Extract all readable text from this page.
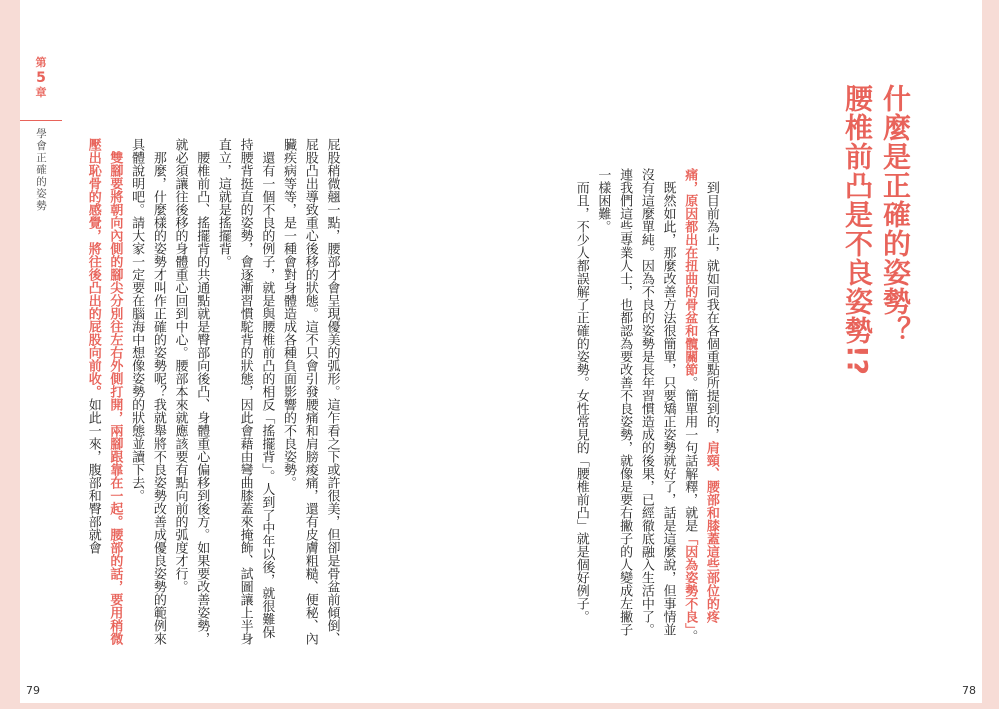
第
5
章
學會正確的姿勢	什麼是正確的姿勢？
腰椎前凸是不良姿勢!?
　到目前為止，就如同我在各個重點所提到的，肩頸、腰部和膝蓋這些部位的疼痛，原因都出在扭曲的骨盆和髖關節。簡單用一句話解釋，就是「因為姿勢不良」。
　既然如此，那麼改善方法很簡單，只要矯正姿勢就好了，話是這麼說，但事情並沒有這麼單純。因為不良的姿勢是長年習慣造成的後果，已經徹底融入生活中了。連我們這些專業人士，也都認為要改善不良姿勢，就像是要右撇子的人變成左撇子一樣困難。
　而且，不少人都誤解了正確的姿勢。女性常見的「腰椎前凸」就是個好例子。
屁股稍微翹一點，腰部才會呈現優美的弧形。這乍看之下或許很美，但卻是骨盆前傾倒、屁股凸出導致重心後移的狀態。這不只會引發腰痛和肩膀痠痛，還有皮膚粗糙、便秘、內臟疾病等等，是一種會對身體造成各種負面影響的不良姿勢。
　還有一個不良的例子，就是與腰椎前凸的相反「搖擺背」。人到了中年以後，就很難保持腰背挺直的姿勢，會逐漸習慣駝背的狀態，因此會藉由彎曲膝蓋來掩飾、試圖讓上半身直立，這就是搖擺背。
　腰椎前凸、搖擺背的共通點就是臀部向後凸、身體重心偏移到後方。如果要改善姿勢，就必須讓往後移的身體重心回到中心。腰部本來就應該要有點向前的弧度才行。
　那麼，什麼樣的姿勢才叫作正確的姿勢呢？我就舉將不良姿勢改善成優良姿勢的範例來具體說明吧。請大家一定要在腦海中想像姿勢的狀態並讀下去。
　雙腳要將朝向內側的腳尖分別往左右外側打開，兩腳跟靠在一起。腰部的話，要用稍微壓出恥骨的感覺，將往後凸出的屁股向前收。如此一來，腹部和臀部就會
79	78
